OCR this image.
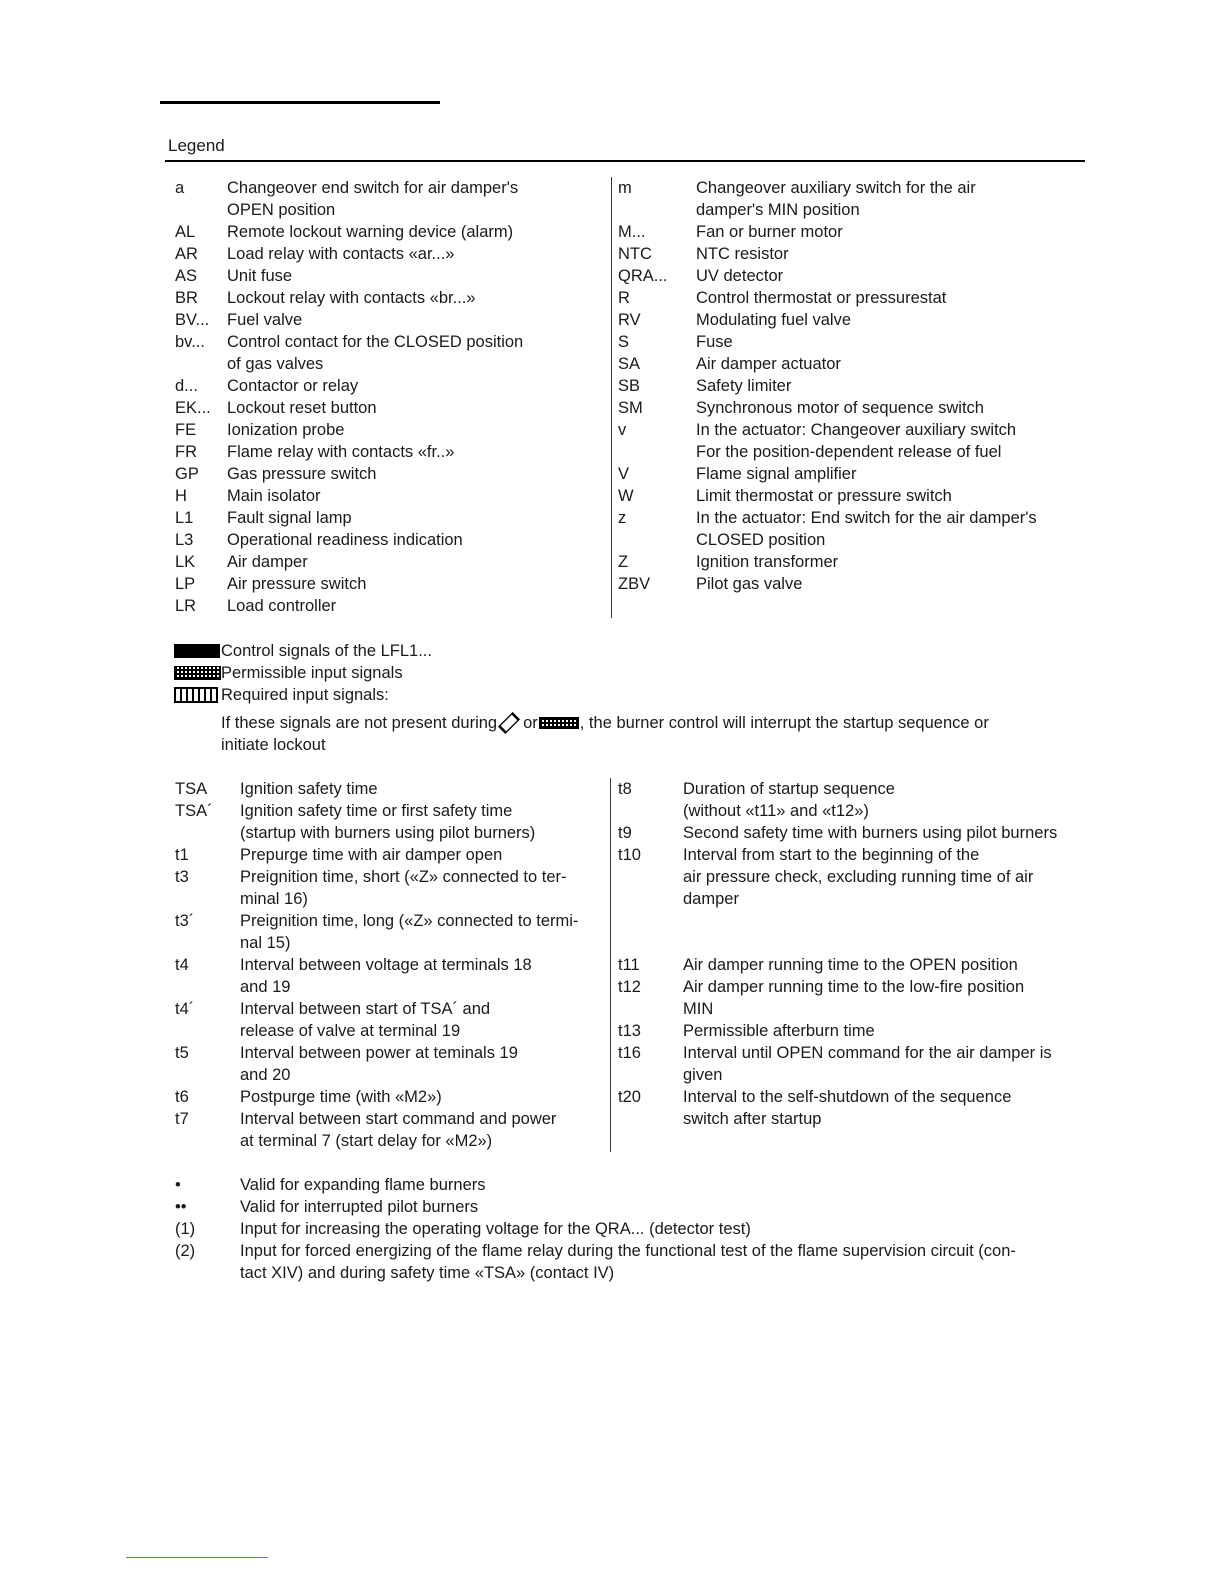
Legend
a	Changeover end switch for air damper's
OPEN position
AL	Remote lockout warning device (alarm)
AR	Load relay with contacts «ar...»
AS	Unit fuse
BR	Lockout relay with contacts «br...»
BV...	Fuel valve
bv...	Control contact for the CLOSED position
of gas valves
d...	Contactor or relay
EK... Lockout reset button
FE	Ionization probe
FR	Flame relay with contacts «fr..»
GP	Gas pressure switch
H	Main isolator
L1	Fault signal lamp
L3	Operational readiness indication
LK	Air damper
LP	Air pressure switch
LR	Load controller
m	Changeover auxiliary switch for the air
damper's MIN position
M...	Fan or burner motor
NTC	NTC resistor
QRA...	UV detector
R	Control thermostat or pressurestat
RV	Modulating fuel valve
S	Fuse
SA	Air damper actuator
SB	Safety limiter
SM	Synchronous motor of sequence switch
v	In the actuator: Changeover auxiliary switch
For the position-dependent release of fuel
V	Flame signal amplifier
W	Limit thermostat or pressure switch
z	In the actuator: End switch for the air damper's
CLOSED position
Z	Ignition transformer
ZBV	Pilot gas valve
Control signals of the LFL1...
Permissible input signals
Required input signals:
If these signals are not present during or	, the burner control will interrupt the startup sequence or
initiate lockout
TSA	Ignition safety time
TSA´	Ignition safety time or first safety time
(startup with burners using pilot burners)
t1	Prepurge time with air damper open
t3	Preignition time, short («Z» connected to ter-
minal 16)
t3´	Preignition time, long («Z» connected to termi-
nal 15)
t4	Interval between voltage at terminals 18
and 19
t4´	Interval between start of TSA´ and
release of valve at terminal 19
t5	Interval between power at teminals 19
and 20
t6	Postpurge time (with «M2»)
t7	Interval between start command and power
at terminal 7 (start delay for «M2»)
t8	Duration of startup sequence
(without «t11» and «t12»)
t9	Second safety time with burners using pilot burners
t10	Interval from start to the beginning of the
air pressure check, excluding running time of air
damper
t11	Air damper running time to the OPEN position
t12	Air damper running time to the low-fire position
MIN
t13	Permissible afterburn time
t16	Interval until OPEN command for the air damper is
given
t20	Interval to the self-shutdown of the sequence
switch after startup
•	Valid for expanding flame burners
••	Valid for interrupted pilot burners
(1)	Input for increasing the operating voltage for the QRA... (detector test)
(2)	Input for forced energizing of the flame relay during the functional test of the flame supervision circuit (con-
tact XIV) and during safety time «TSA» (contact IV)
